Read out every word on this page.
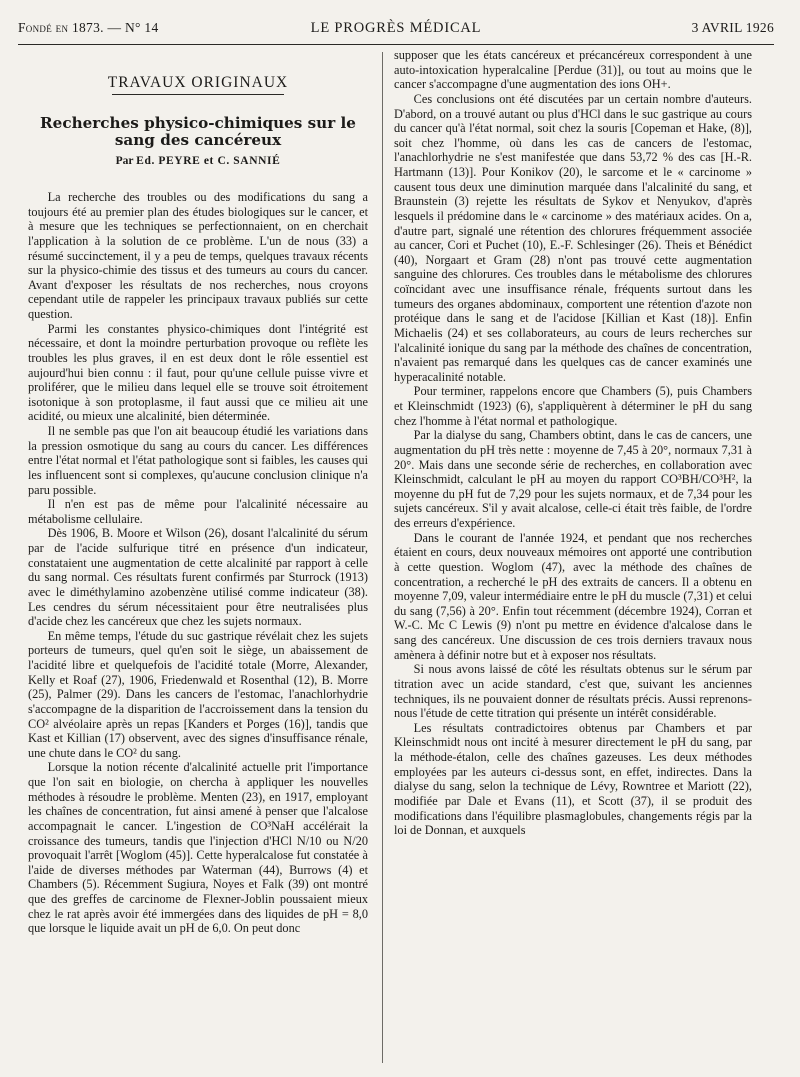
Fondé en 1873. — N° 14	LE PROGRÈS MÉDICAL	3 AVRIL 1926
TRAVAUX ORIGINAUX
Recherches physico-chimiques sur le sang des cancéreux
Par Ed. PEYRE et C. SANNIÉ

La recherche des troubles ou des modifications du sang a toujours été au premier plan des études biologiques sur le cancer, et à mesure que les techniques se perfectionnaient, on en cherchait l'application à la solution de ce problème. L'un de nous (33) a résumé succinctement, il y a peu de temps, quelques travaux récents sur la physico-chimie des tissus et des tumeurs au cours du cancer. Avant d'exposer les résultats de nos recherches, nous croyons cependant utile de rappeler les principaux travaux publiés sur cette question.

Parmi les constantes physico-chimiques dont l'intégrité est nécessaire, et dont la moindre perturbation provoque ou reflète les troubles les plus graves, il en est deux dont le rôle essentiel est aujourd'hui bien connu : il faut, pour qu'une cellule puisse vivre et proliférer, que le milieu dans lequel elle se trouve soit étroitement isotonique à son protoplasme, il faut aussi que ce milieu ait une acidité, ou mieux une alcalinité, bien déterminée.

Il ne semble pas que l'on ait beaucoup étudié les variations dans la pression osmotique du sang au cours du cancer. Les différences entre l'état normal et l'état pathologique sont si faibles, les causes qui les influencent sont si complexes, qu'aucune conclusion clinique n'a paru possible.

Il n'en est pas de même pour l'alcalinité nécessaire au métabolisme cellulaire.

Dès 1906, B. Moore et Wilson (26), dosant l'alcalinité du sérum par de l'acide sulfurique titré en présence d'un indicateur, constataient une augmentation de cette alcalinité par rapport à celle du sang normal. Ces résultats furent confirmés par Sturrock (1913) avec le diméthylamino azobenzène utilisé comme indicateur (38). Les cendres du sérum nécessitaient pour être neutralisées plus d'acide chez les cancéreux que chez les sujets normaux.

En même temps, l'étude du suc gastrique révélait chez les sujets porteurs de tumeurs, quel qu'en soit le siège, un abaissement de l'acidité libre et quelquefois de l'acidité totale (Morre, Alexander, Kelly et Roaf (27), 1906, Friedenwald et Rosenthal (12), B. Morre (25), Palmer (29). Dans les cancers de l'estomac, l'anachlorhydrie s'accompagne de la disparition de l'accroissement dans la tension du CO² alvéolaire après un repas [Kanders et Porges (16)], tandis que Kast et Killian (17) observent, avec des signes d'insuffisance rénale, une chute dans le CO² du sang.

Lorsque la notion récente d'alcalinité actuelle prit l'importance que l'on sait en biologie, on chercha à appliquer les nouvelles méthodes à résoudre le problème. Menten (23), en 1917, employant les chaînes de concentration, fut ainsi amené à penser que l'alcalose accompagnait le cancer. L'ingestion de CO³NaH accélérait la croissance des tumeurs, tandis que l'injection d'HCl N/10 ou N/20 provoquait l'arrêt [Woglom (45)]. Cette hyperalcalose fut constatée à l'aide de diverses méthodes par Waterman (44), Burrows (4) et Chambers (5). Récemment Sugiura, Noyes et Falk (39) ont montré que des greffes de carcinome de Flexner-Joblin poussaient mieux chez le rat après avoir été immergées dans des liquides de pH = 8,0 que lorsque le liquide avait un pH de 6,0. On peut donc

supposer que les états cancéreux et précancéreux correspondent à une auto-intoxication hyperalcaline [Perdue (31)], ou tout au moins que le cancer s'accompagne d'une augmentation des ions OH+.

Ces conclusions ont été discutées par un certain nombre d'auteurs. D'abord, on a trouvé autant ou plus d'HCl dans le suc gastrique au cours du cancer qu'à l'état normal, soit chez la souris [Copeman et Hake, (8)], soit chez l'homme, où dans les cas de cancers de l'estomac, l'anachlorhydrie ne s'est manifestée que dans 53,72 % des cas [H.-R. Hartmann (13)]. Pour Konikov (20), le sarcome et le « carcinome » causent tous deux une diminution marquée dans l'alcalinité du sang, et Braunstein (3) rejette les résultats de Sykov et Nenyukov, d'après lesquels il prédomine dans le « carcinome » des matériaux acides. On a, d'autre part, signalé une rétention des chlorures fréquemment associée au cancer, Cori et Puchet (10), E.-F. Schlesinger (26). Theis et Bénédict (40), Norgaart et Gram (28) n'ont pas trouvé cette augmentation sanguine des chlorures. Ces troubles dans le métabolisme des chlorures coïncidant avec une insuffisance rénale, fréquents surtout dans les tumeurs des organes abdominaux, comportent une rétention d'azote non protéique dans le sang et de l'acidose [Killian et Kast (18)]. Enfin Michaelis (24) et ses collaborateurs, au cours de leurs recherches sur l'alcalinité ionique du sang par la méthode des chaînes de concentration, n'avaient pas remarqué dans les quelques cas de cancer examinés une hyperacalinité notable.

Pour terminer, rappelons encore que Chambers (5), puis Chambers et Kleinschmidt (1923) (6), s'appliquèrent à déterminer le pH du sang chez l'homme à l'état normal et pathologique.

Par la dialyse du sang, Chambers obtint, dans le cas de cancers, une augmentation du pH très nette : moyenne de 7,45 à 20°, normaux 7,31 à 20°. Mais dans une seconde série de recherches, en collaboration avec Kleinschmidt, calculant le pH au moyen du rapport CO³BH/CO³H², la moyenne du pH fut de 7,29 pour les sujets normaux, et de 7,34 pour les sujets cancéreux. S'il y avait alcalose, celle-ci était très faible, de l'ordre des erreurs d'expérience.

Dans le courant de l'année 1924, et pendant que nos recherches étaient en cours, deux nouveaux mémoires ont apporté une contribution à cette question. Woglom (47), avec la méthode des chaînes de concentration, a recherché le pH des extraits de cancers. Il a obtenu en moyenne 7,09, valeur intermédiaire entre le pH du muscle (7,31) et celui du sang (7,56) à 20°. Enfin tout récemment (décembre 1924), Corran et W.-C. Mc C Lewis (9) n'ont pu mettre en évidence d'alcalose dans le sang des cancéreux. Une discussion de ces trois derniers travaux nous amènera à définir notre but et à exposer nos résultats.

Si nous avons laissé de côté les résultats obtenus sur le sérum par titration avec un acide standard, c'est que, suivant les anciennes techniques, ils ne pouvaient donner de résultats précis. Aussi reprenons-nous l'étude de cette titration qui présente un intérêt considérable.

Les résultats contradictoires obtenus par Chambers et par Kleinschmidt nous ont incité à mesurer directement le pH du sang, par la méthode-étalon, celle des chaînes gazeuses. Les deux méthodes employées par les auteurs ci-dessus sont, en effet, indirectes. Dans la dialyse du sang, selon la technique de Lévy, Rowntree et Mariott (22), modifiée par Dale et Evans (11), et Scott (37), il se produit des modifications dans l'équilibre plasmaglobules, changements régis par la loi de Donnan, et auxquels
